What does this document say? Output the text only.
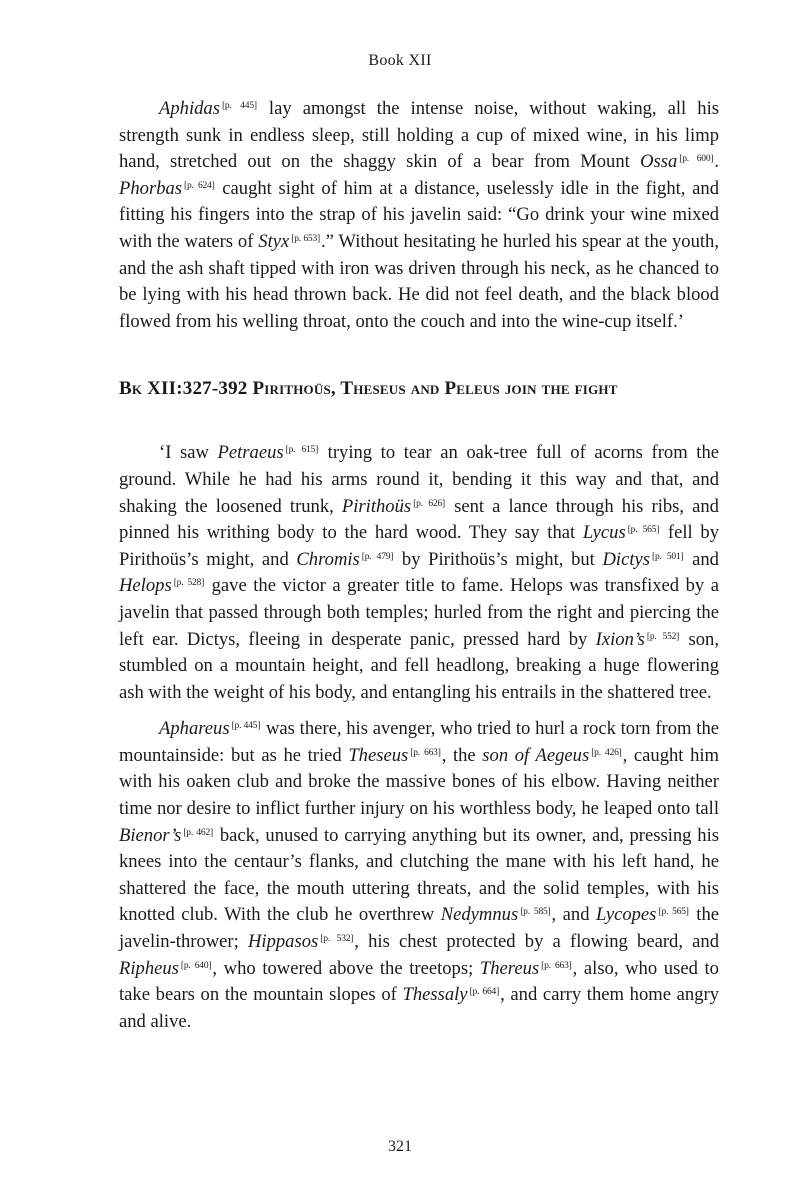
Book XII

Aphidas [p. 445] lay amongst the intense noise, without waking, all his strength sunk in endless sleep, still holding a cup of mixed wine, in his limp hand, stretched out on the shaggy skin of a bear from Mount Ossa [p. 600]. Phorbas [p. 624] caught sight of him at a distance, uselessly idle in the fight, and fitting his fingers into the strap of his javelin said: “Go drink your wine mixed with the waters of Styx [p. 653].” Without hesitating he hurled his spear at the youth, and the ash shaft tipped with iron was driven through his neck, as he chanced to be lying with his head thrown back. He did not feel death, and the black blood flowed from his welling throat, onto the couch and into the wine-cup itself.’

Bk XII:327-392 Pirithoüs, Theseus and Peleus join the fight

‘I saw Petraeus [p. 615] trying to tear an oak-tree full of acorns from the ground. While he had his arms round it, bending it this way and that, and shaking the loosened trunk, Pirithoüs [p. 626] sent a lance through his ribs, and pinned his writhing body to the hard wood. They say that Lycus [p. 565] fell by Pirithoüs’s might, and Chromis [p. 479] by Pirithoüs’s might, but Dictys [p. 501] and Helops [p. 528] gave the victor a greater title to fame. Helops was transfixed by a javelin that passed through both temples; hurled from the right and piercing the left ear. Dictys, fleeing in desperate panic, pressed hard by Ixion’s [p. 552] son, stumbled on a mountain height, and fell headlong, breaking a huge flowering ash with the weight of his body, and entangling his entrails in the shattered tree.

Aphareus [p. 445] was there, his avenger, who tried to hurl a rock torn from the mountainside: but as he tried Theseus [p. 663], the son of Aegeus [p. 426], caught him with his oaken club and broke the massive bones of his elbow. Having neither time nor desire to inflict further injury on his worthless body, he leaped onto tall Bienor’s [p. 462] back, unused to carrying anything but its owner, and, pressing his knees into the centaur’s flanks, and clutching the mane with his left hand, he shattered the face, the mouth uttering threats, and the solid temples, with his knotted club. With the club he overthrew Nedymnus [p. 585], and Lycopes [p. 565] the javelin-thrower; Hippasos [p. 532], his chest protected by a flowing beard, and Ripheus [p. 640], who towered above the treetops; Thereus [p. 663], also, who used to take bears on the mountain slopes of Thessaly [p. 664], and carry them home angry and alive.

321
